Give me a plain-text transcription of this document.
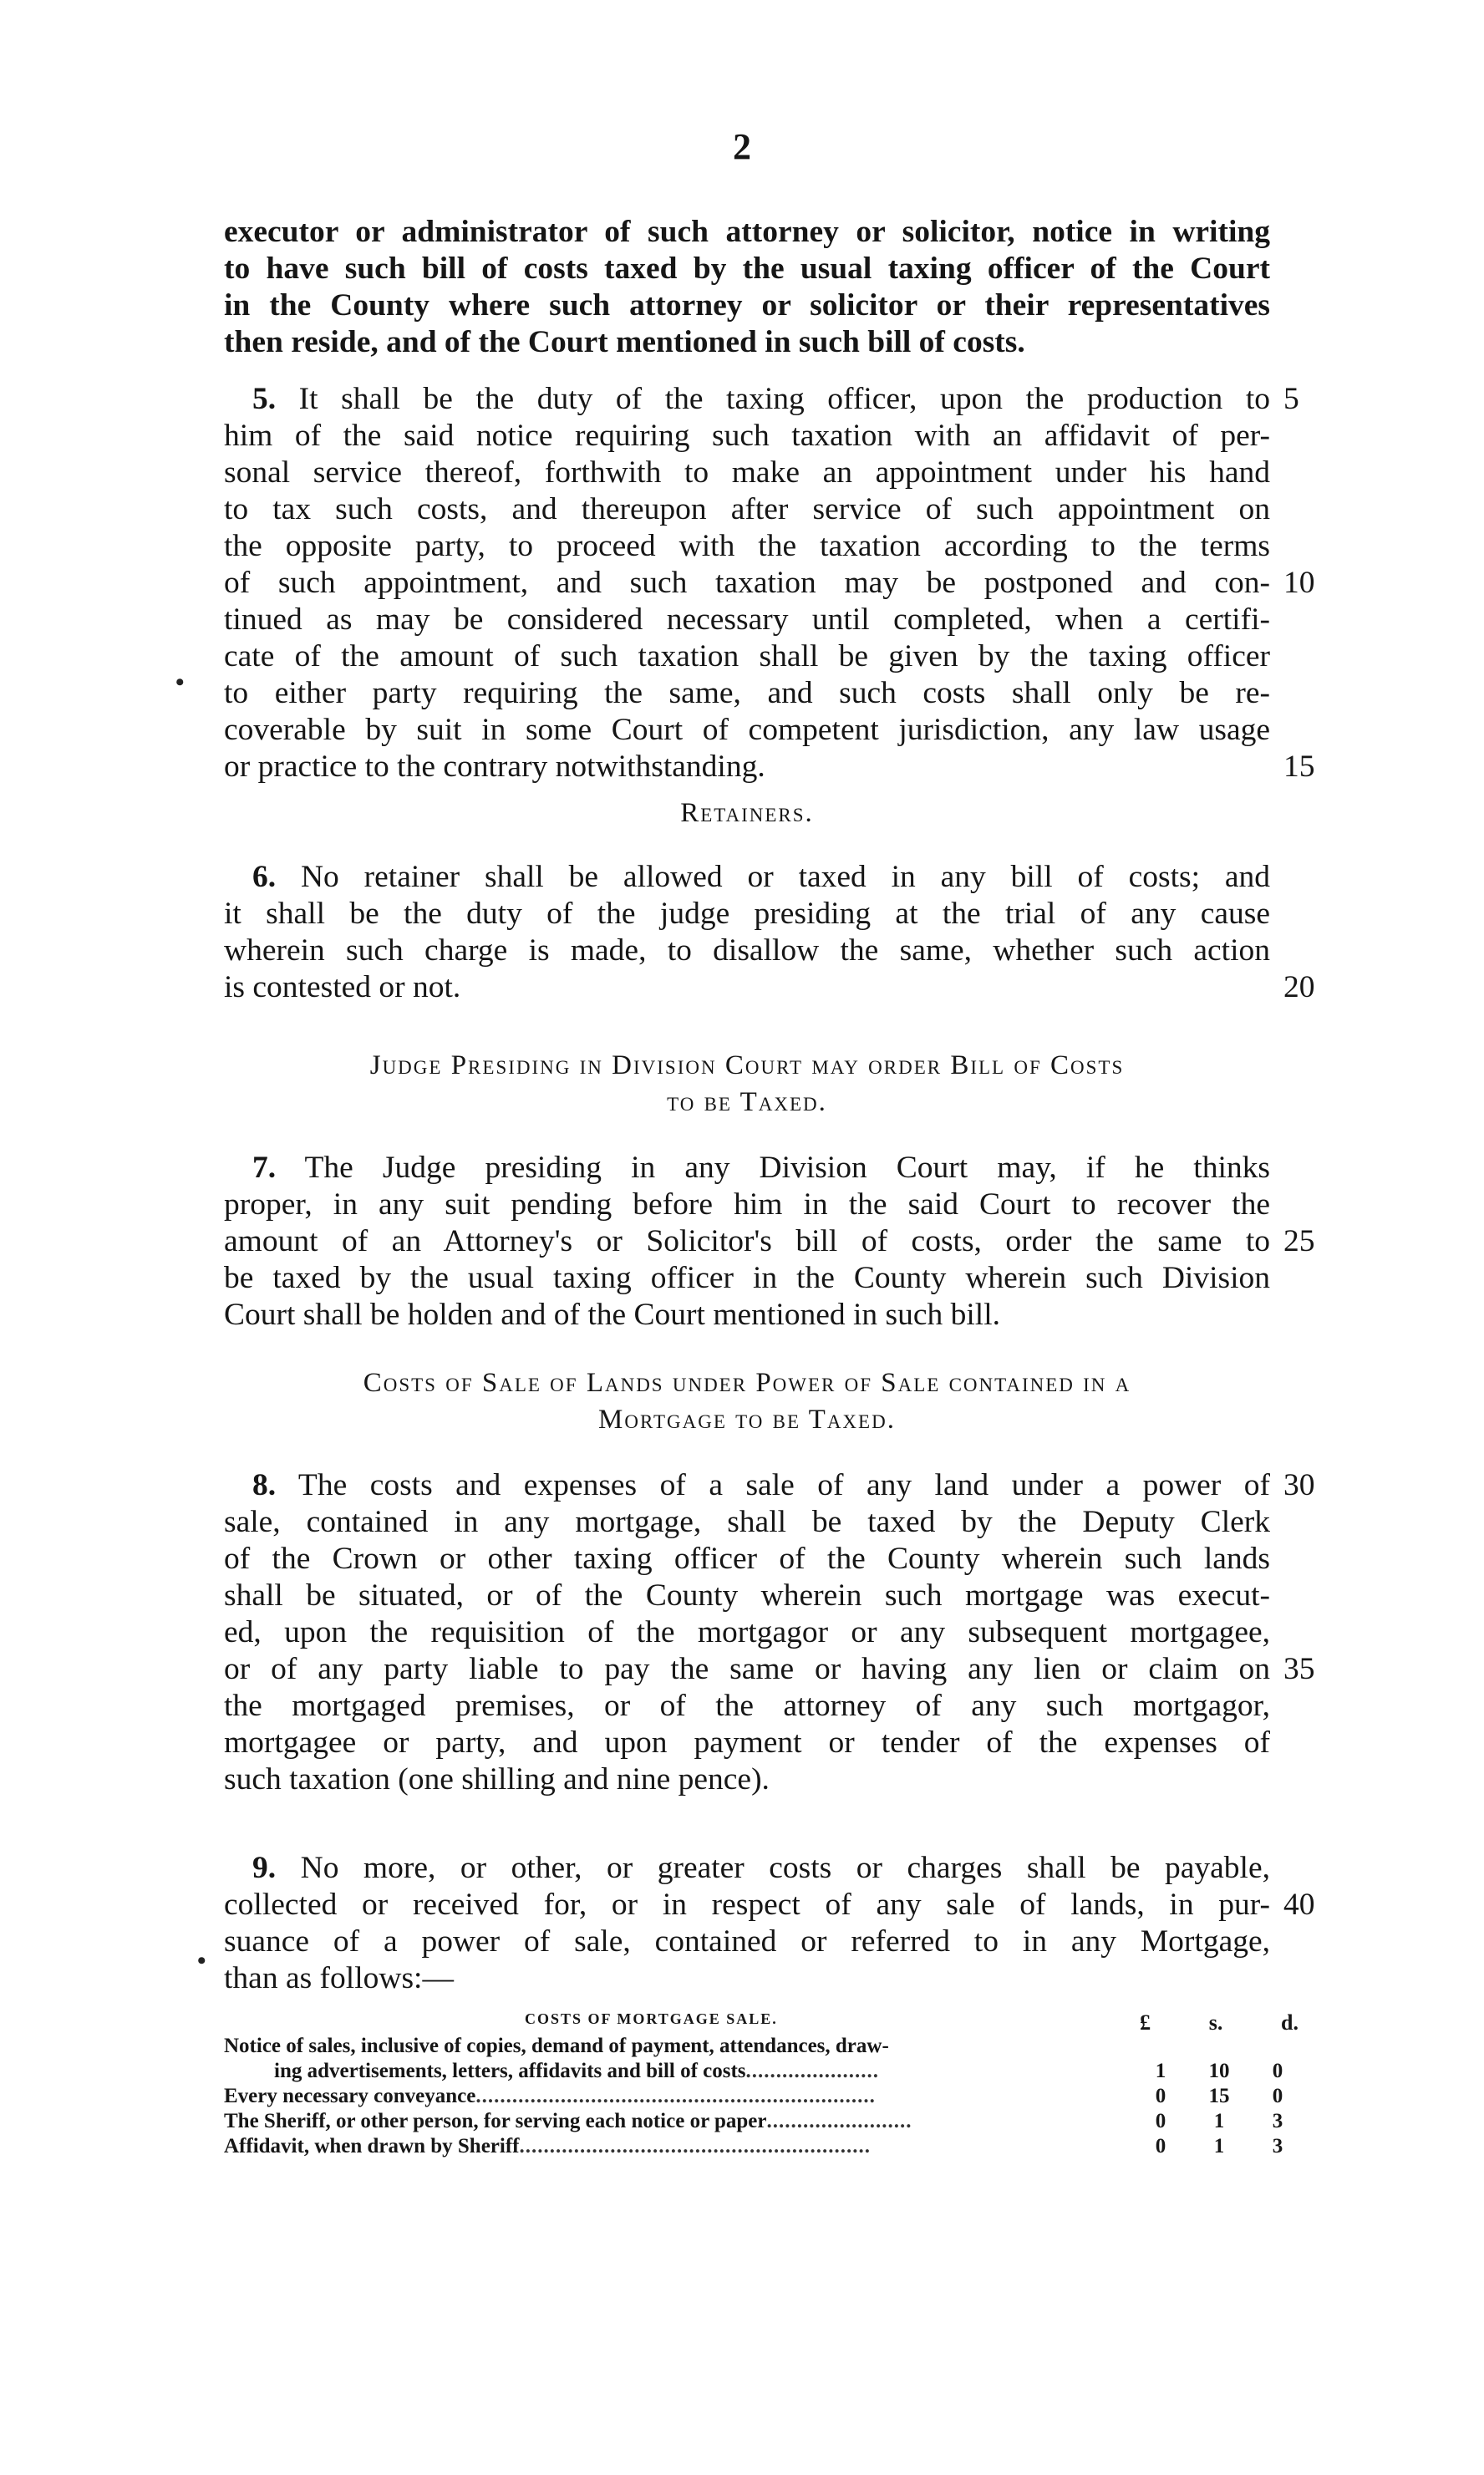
2
executor or administrator of such attorney or solicitor, notice in writing
to have such bill of costs taxed by the usual taxing officer of the Court
in the County where such attorney or solicitor or their representatives
then reside, and of the Court mentioned in such bill of costs.
5. It shall be the duty of the taxing officer, upon the production to
him of the said notice requiring such taxation with an affidavit of per-
sonal service thereof, forthwith to make an appointment under his hand
to tax such costs, and thereupon after service of such appointment on
the opposite party, to proceed with the taxation according to the terms
of such appointment, and such taxation may be postponed and con-
tinued as may be considered necessary until completed, when a certifi-
cate of the amount of such taxation shall be given by the taxing officer
to either party requiring the same, and such costs shall only be re-
coverable by suit in some Court of competent jurisdiction, any law usage
or practice to the contrary notwithstanding.
Retainers.
6. No retainer shall be allowed or taxed in any bill of costs; and
it shall be the duty of the judge presiding at the trial of any cause
wherein such charge is made, to disallow the same, whether such action
is contested or not.
Judge Presiding in Division Court may order Bill of Costs
to be Taxed.
7. The Judge presiding in any Division Court may, if he thinks
proper, in any suit pending before him in the said Court to recover the
amount of an Attorney's or Solicitor's bill of costs, order the same to
be taxed by the usual taxing officer in the County wherein such Division
Court shall be holden and of the Court mentioned in such bill.
Costs of Sale of Lands under Power of Sale contained in a
Mortgage to be Taxed.
8. The costs and expenses of a sale of any land under a power of
sale, contained in any mortgage, shall be taxed by the Deputy Clerk
of the Crown or other taxing officer of the County wherein such lands
shall be situated, or of the County wherein such mortgage was execut-
ed, upon the requisition of the mortgagor or any subsequent mortgagee,
or of any party liable to pay the same or having any lien or claim on
the mortgaged premises, or of the attorney of any such mortgagor,
mortgagee or party, and upon payment or tender of the expenses of
such taxation (one shilling and nine pence).
9. No more, or other, or greater costs or charges shall be payable,
collected or received for, or in respect of any sale of lands, in pur-
suance of a power of sale, contained or referred to in any Mortgage,
than as follows:—
5
10
15
20
25
30
35
40
COSTS OF MORTGAGE SALE.	£	s.	d.
Notice of sales, inclusive of copies, demand of payment, attendances, draw-
ing advertisements, letters, affidavits and bill of costs......................	1	10	0
Every necessary conveyance..................................................................	0	15	0
The Sheriff, or other person, for serving each notice or paper........................	0	1	3
Affidavit, when drawn by Sheriff..........................................................	0	1	3
•
•
